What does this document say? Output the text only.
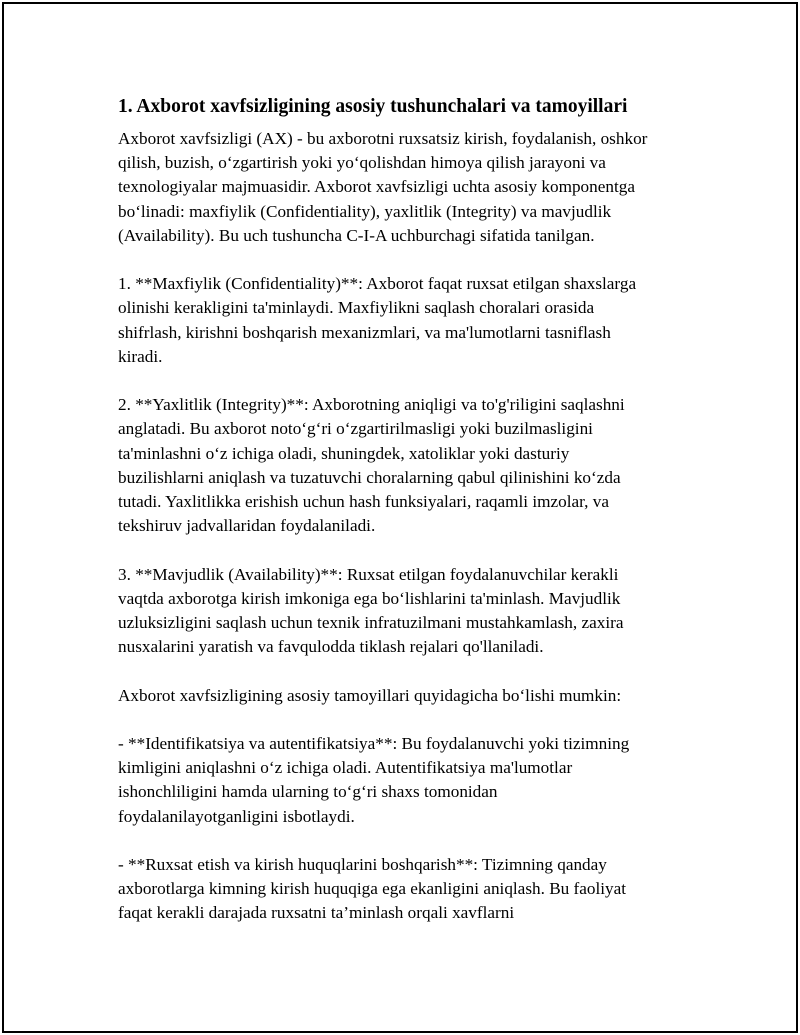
1. Axborot xavfsizligining asosiy tushunchalari va tamoyillari

Axborot xavfsizligi (AX) - bu axborotni ruxsatsiz kirish, foydalanish, oshkor
qilish, buzish, o‘zgartirish yoki yo‘qolishdan himoya qilish jarayoni va
texnologiyalar majmuasidir. Axborot xavfsizligi uchta asosiy komponentga
bo‘linadi: maxfiylik (Confidentiality), yaxlitlik (Integrity) va mavjudlik
(Availability). Bu uch tushuncha C-I-A uchburchagi sifatida tanilgan.

1. **Maxfiylik (Confidentiality)**: Axborot faqat ruxsat etilgan shaxslarga
olinishi kerakligini ta'minlaydi. Maxfiylikni saqlash choralari orasida
shifrlash, kirishni boshqarish mexanizmlari, va ma'lumotlarni tasniflash
kiradi.

2. **Yaxlitlik (Integrity)**: Axborotning aniqligi va to'g'riligini saqlashni
anglatadi. Bu axborot noto‘g‘ri o‘zgartirilmasligi yoki buzilmasligini
ta'minlashni o‘z ichiga oladi, shuningdek, xatoliklar yoki dasturiy
buzilishlarni aniqlash va tuzatuvchi choralarning qabul qilinishini ko‘zda
tutadi. Yaxlitlikka erishish uchun hash funksiyalari, raqamli imzolar, va
tekshiruv jadvallaridan foydalaniladi.

3. **Mavjudlik (Availability)**: Ruxsat etilgan foydalanuvchilar kerakli
vaqtda axborotga kirish imkoniga ega bo‘lishlarini ta'minlash. Mavjudlik
uzluksizligini saqlash uchun texnik infratuzilmani mustahkamlash, zaxira
nusxalarini yaratish va favqulodda tiklash rejalari qo'llaniladi.

Axborot xavfsizligining asosiy tamoyillari quyidagicha bo‘lishi mumkin:

- **Identifikatsiya va autentifikatsiya**: Bu foydalanuvchi yoki tizimning
kimligini aniqlashni o‘z ichiga oladi. Autentifikatsiya ma'lumotlar
ishonchliligini hamda ularning to‘g‘ri shaxs tomonidan
foydalanilayotganligini isbotlaydi.

- **Ruxsat etish va kirish huquqlarini boshqarish**: Tizimning qanday
axborotlarga kimning kirish huquqiga ega ekanligini aniqlash. Bu faoliyat
faqat kerakli darajada ruxsatni ta’minlash orqali xavflarni
